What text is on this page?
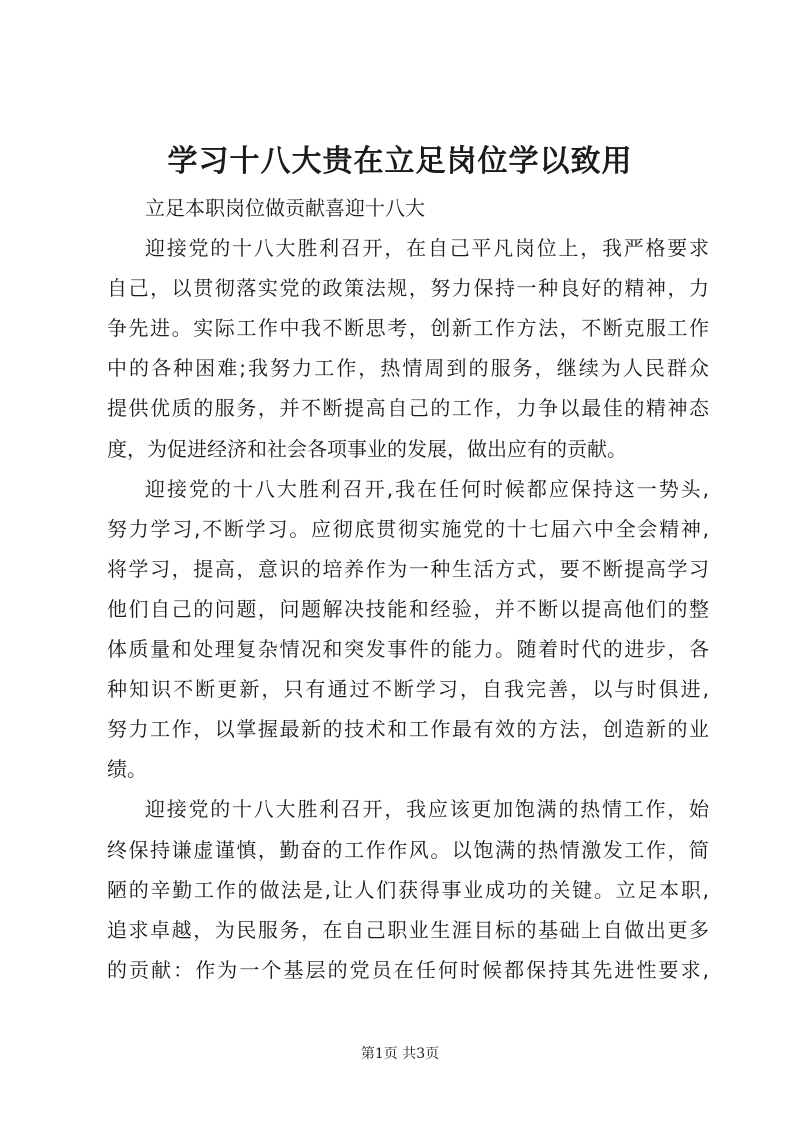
学习十八大贵在立足岗位学以致用
立足本职岗位做贡献喜迎十八大
迎接党的十八大胜利召开，在自己平凡岗位上，我严格要求
自己，以贯彻落实党的政策法规，努力保持一种良好的精神，力
争先进。实际工作中我不断思考，创新工作方法，不断克服工作
中的各种困难;我努力工作，热情周到的服务，继续为人民群众
提供优质的服务，并不断提高自己的工作，力争以最佳的精神态
度，为促进经济和社会各项事业的发展，做出应有的贡献。
迎接党的十八大胜利召开,我在任何时候都应保持这一势头,
努力学习,不断学习。应彻底贯彻实施党的十七届六中全会精神,
将学习，提高，意识的培养作为一种生活方式，要不断提高学习
他们自己的问题，问题解决技能和经验，并不断以提高他们的整
体质量和处理复杂情况和突发事件的能力。随着时代的进步，各
种知识不断更新，只有通过不断学习，自我完善，以与时俱进,
努力工作，以掌握最新的技术和工作最有效的方法，创造新的业
绩。
迎接党的十八大胜利召开，我应该更加饱满的热情工作，始
终保持谦虚谨慎，勤奋的工作作风。以饱满的热情激发工作，简
陋的辛勤工作的做法是,让人们获得事业成功的关键。立足本职,
追求卓越，为民服务，在自己职业生涯目标的基础上自做出更多
的贡献：作为一个基层的党员在任何时候都保持其先进性要求,
第1页 共3页
